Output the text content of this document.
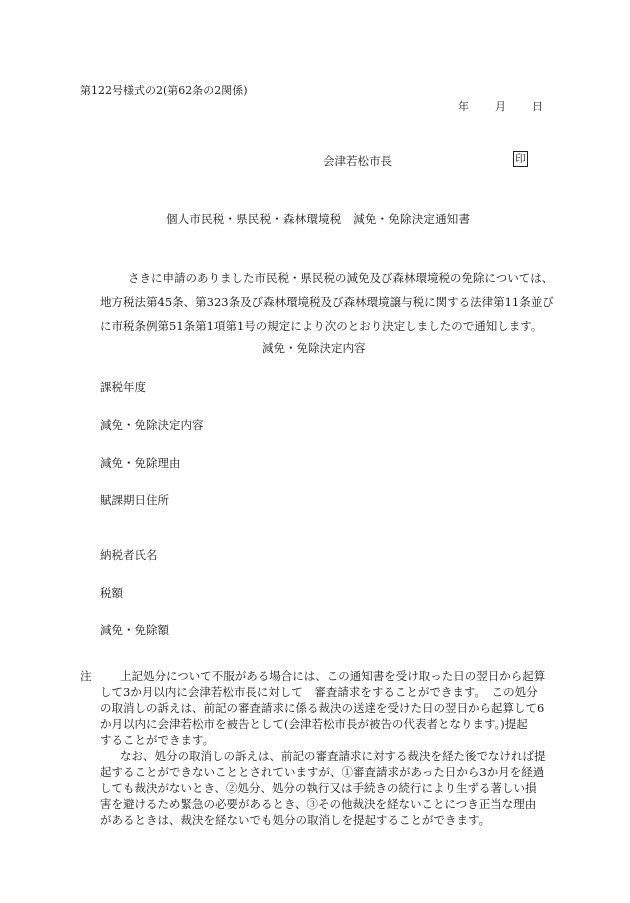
第122号様式の2(第62条の2関係)
年 月 日
会津若松市長	印
個人市民税・県民税・森林環境税　減免・免除決定通知書
さきに申請のありました市民税・県民税の減免及び森林環境税の免除については、
地方税法第45条、第323条及び森林環境税及び森林環境譲与税に関する法律第11条並び
に市税条例第51条第1項第1号の規定により次のとおり決定しましたので通知します。
減免・免除決定内容
課税年度
減免・免除決定内容
減免・免除理由
賦課期日住所
納税者氏名
税額
減免・免除額
注	上記処分について不服がある場合には、この通知書を受け取った日の翌日から起算
して3か月以内に会津若松市長に対して　審査請求をすることができます。　この処分
の取消しの訴えは、前記の審査請求に係る裁決の送達を受けた日の翌日から起算して6
か月以内に会津若松市を被告として(会津若松市長が被告の代表者となります。)提起
することができます。
なお、処分の取消しの訴えは、前記の審査請求に対する裁決を経た後でなければ提
起することができないこととされていますが、①審査請求があった日から3か月を経過
しても裁決がないとき、②処分、処分の執行又は手続きの続行により生ずる著しい損
害を避けるため緊急の必要があるとき、③その他裁決を経ないことにつき正当な理由
があるときは、裁決を経ないでも処分の取消しを提起することができます。
